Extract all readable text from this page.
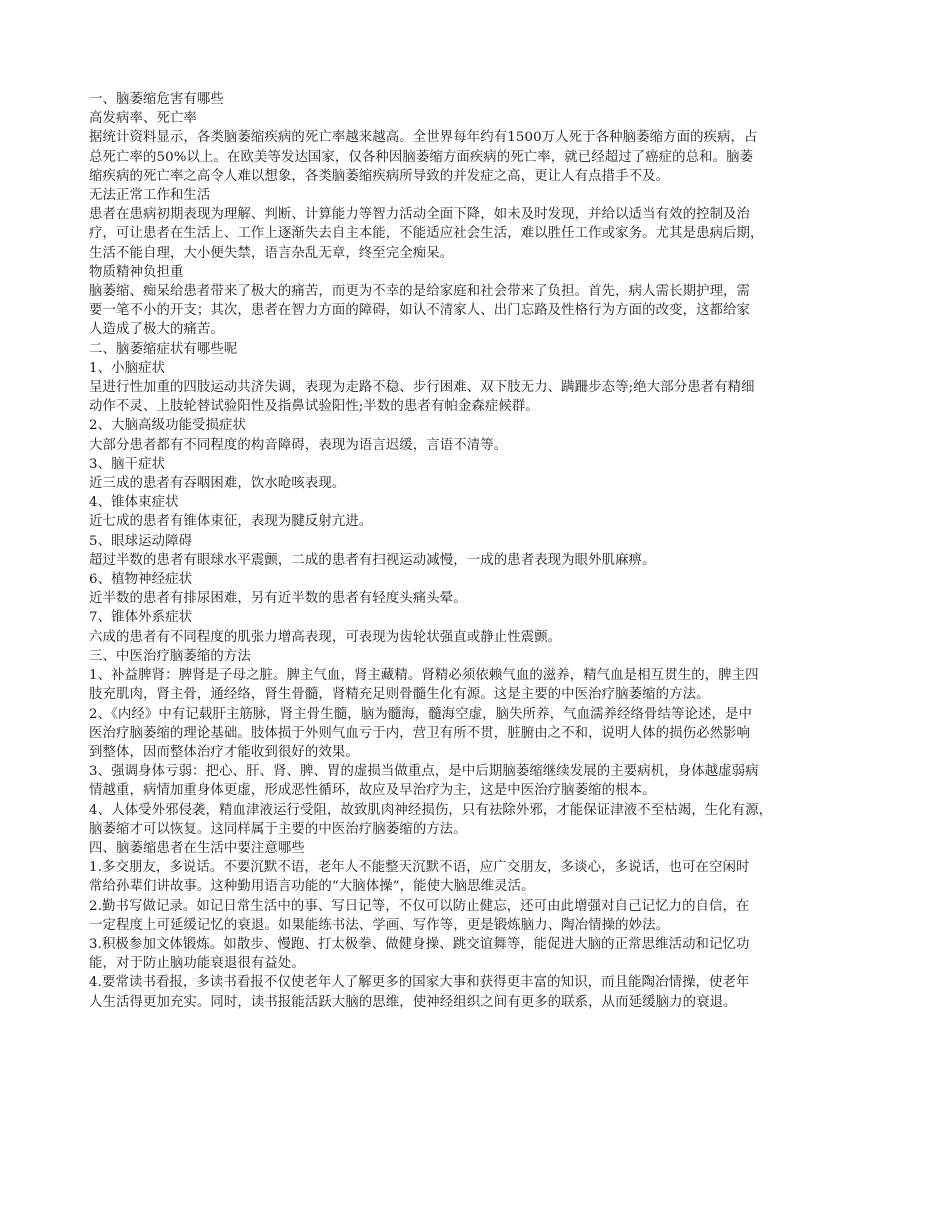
一、脑萎缩危害有哪些

高发病率、死亡率

据统计资料显示，各类脑萎缩疾病的死亡率越来越高。全世界每年约有1500万人死于各种脑萎缩方面的疾病，占

总死亡率的50%以上。在欧美等发达国家，仅各种因脑萎缩方面疾病的死亡率，就已经超过了癌症的总和。脑萎

缩疾病的死亡率之高令人难以想象，各类脑萎缩疾病所导致的并发症之高，更让人有点措手不及。

无法正常工作和生活

患者在患病初期表现为理解、判断、计算能力等智力活动全面下降，如未及时发现，并给以适当有效的控制及治

疗，可让患者在生活上、工作上逐渐失去自主本能，不能适应社会生活，难以胜任工作或家务。尤其是患病后期，

生活不能自理，大小便失禁，语言杂乱无章，终至完全痴呆。

物质精神负担重

脑萎缩、痴呆给患者带来了极大的痛苦，而更为不幸的是给家庭和社会带来了负担。首先，病人需长期护理，需

要一笔不小的开支；其次，患者在智力方面的障碍，如认不清家人、出门忘路及性格行为方面的改变，这都给家

人造成了极大的痛苦。

二、脑萎缩症状有哪些呢

1、小脑症状

呈进行性加重的四肢运动共济失调，表现为走路不稳、步行困难、双下肢无力、蹒跚步态等;绝大部分患者有精细

动作不灵、上肢轮替试验阳性及指鼻试验阳性;半数的患者有帕金森症候群。

2、大脑高级功能受损症状

大部分患者都有不同程度的构音障碍，表现为语言迟缓，言语不清等。

3、脑干症状

近三成的患者有吞咽困难，饮水呛咳表现。

4、锥体束症状

近七成的患者有锥体束征，表现为腱反射亢进。

5、眼球运动障碍

超过半数的患者有眼球水平震颤，二成的患者有扫视运动减慢，一成的患者表现为眼外肌麻痹。

6、植物神经症状

近半数的患者有排尿困难，另有近半数的患者有轻度头痛头晕。

7、锥体外系症状

六成的患者有不同程度的肌张力增高表现，可表现为齿轮状强直或静止性震颤。

三、中医治疗脑萎缩的方法

1、补益脾肾：脾肾是子母之脏。脾主气血，肾主藏精。肾精必须依赖气血的滋养，精气血是相互贯生的，脾主四

肢充肌肉，肾主骨，通经络，肾生骨髓，肾精充足则骨髓生化有源。这是主要的中医治疗脑萎缩的方法。

2、《内经》中有记载肝主筋脉，肾主骨生髓，脑为髓海，髓海空虚，脑失所养，气血濡养经络骨结等论述，是中

医治疗脑萎缩的理论基础。肢体损于外则气血亏于内，营卫有所不贯，脏腑由之不和，说明人体的损伤必然影响

到整体，因而整体治疗才能收到很好的效果。

3、强调身体亏弱：把心、肝、肾、脾、胃的虚损当做重点，是中后期脑萎缩继续发展的主要病机，身体越虚弱病

情越重，病情加重身体更虚，形成恶性循环，故应及早治疗为主，这是中医治疗脑萎缩的根本。

4、人体受外邪侵袭，精血津液运行受阻，故致肌肉神经损伤，只有祛除外邪，才能保证津液不至枯竭，生化有源，

脑萎缩才可以恢复。这同样属于主要的中医治疗脑萎缩的方法。

四、脑萎缩患者在生活中要注意哪些

1.多交朋友，多说话。不要沉默不语，老年人不能整天沉默不语，应广交朋友，多谈心，多说话，也可在空闲时

常给孙辈们讲故事。这种勤用语言功能的“大脑体操”，能使大脑思维灵活。

2.勤书写做记录。如记日常生活中的事、写日记等，不仅可以防止健忘，还可由此增强对自己记忆力的自信，在

一定程度上可延缓记忆的衰退。如果能练书法、学画、写作等，更是锻炼脑力、陶冶情操的妙法。

3.积极参加文体锻炼。如散步、慢跑、打太极拳、做健身操、跳交谊舞等，能促进大脑的正常思维活动和记忆功

能，对于防止脑功能衰退很有益处。

4.要常读书看报，多读书看报不仅使老年人了解更多的国家大事和获得更丰富的知识，而且能陶冶情操，使老年

人生活得更加充实。同时，读书报能活跃大脑的思维，使神经组织之间有更多的联系，从而延缓脑力的衰退。
